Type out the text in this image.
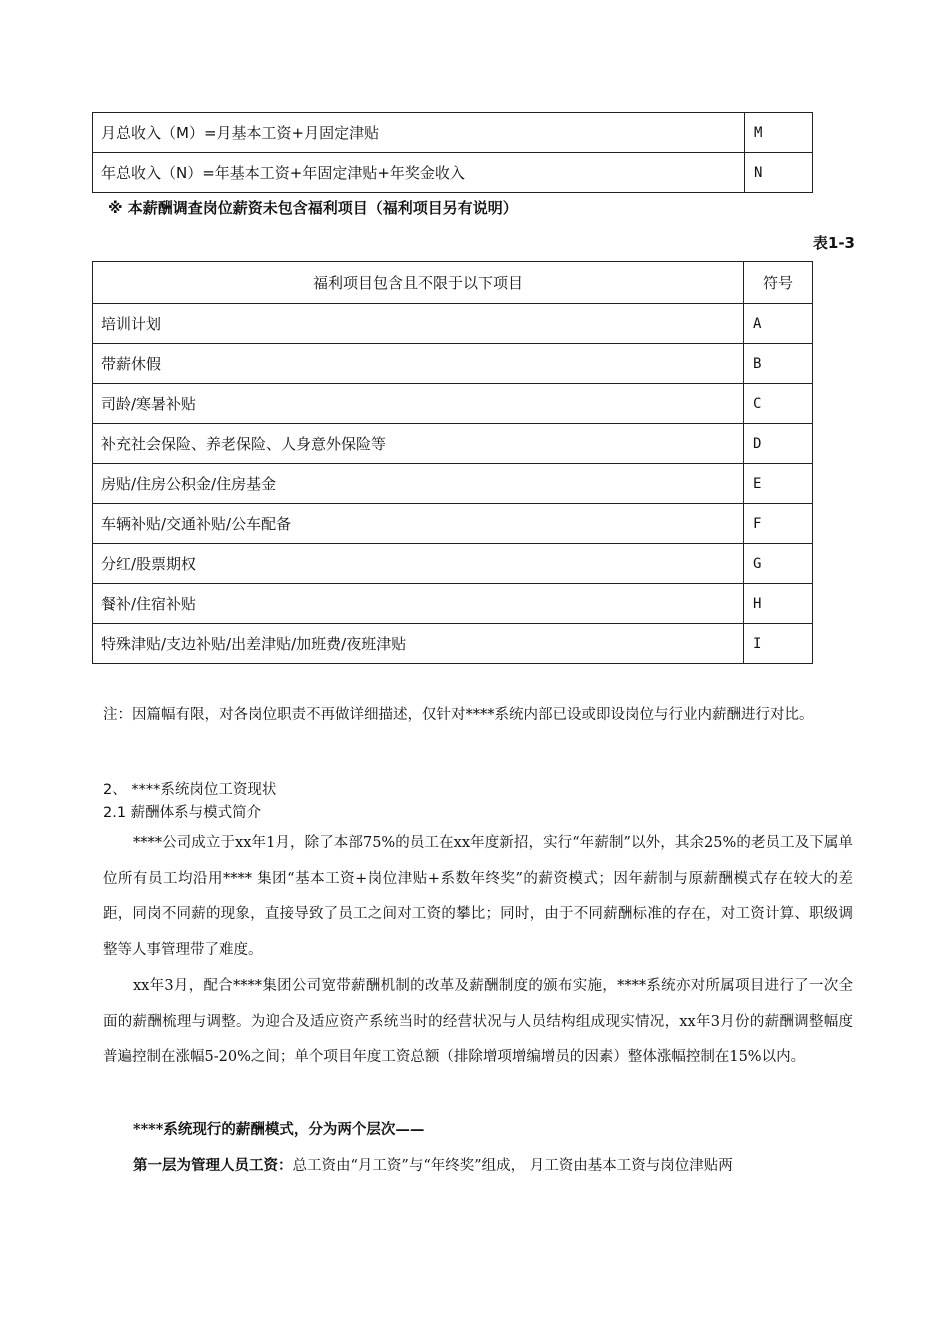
月总收入（M）=月基本工资+月固定津贴	M
年总收入（N）=年基本工资+年固定津贴+年奖金收入	N
※ 本薪酬调查岗位薪资未包含福利项目（福利项目另有说明）
表1-3
福利项目包含且不限于以下项目	符号
培训计划	A
带薪休假	B
司龄/寒暑补贴	C
补充社会保险、养老保险、人身意外保险等	D
房贴/住房公积金/住房基金	E
车辆补贴/交通补贴/公车配备	F
分红/股票期权	G
餐补/住宿补贴	H
特殊津贴/支边补贴/出差津贴/加班费/夜班津贴	I

注：因篇幅有限，对各岗位职责不再做详细描述，仅针对****系统内部已设或即设岗位与行业内薪酬进行对比。

2、 ****系统岗位工资现状
2.1 薪酬体系与模式简介

****公司成立于xx年1月，除了本部75%的员工在xx年度新招，实行“年薪制”以外，其余25%的老员工及下属单位所有员工均沿用**** 集团“基本工资+岗位津贴+系数年终奖”的薪资模式；因年薪制与原薪酬模式存在较大的差距，同岗不同薪的现象，直接导致了员工之间对工资的攀比；同时，由于不同薪酬标准的存在，对工资计算、职级调整等人事管理带了难度。

xx年3月，配合****集团公司宽带薪酬机制的改革及薪酬制度的颁布实施，****系统亦对所属项目进行了一次全面的薪酬梳理与调整。为迎合及适应资产系统当时的经营状况与人员结构组成现实情况，xx年3月份的薪酬调整幅度普遍控制在涨幅5-20%之间；单个项目年度工资总额（排除增项增编增员的因素）整体涨幅控制在15%以内。

****系统现行的薪酬模式，分为两个层次——

第一层为管理人员工资：总工资由“月工资”与“年终奖”组成， 月工资由基本工资与岗位津贴两
